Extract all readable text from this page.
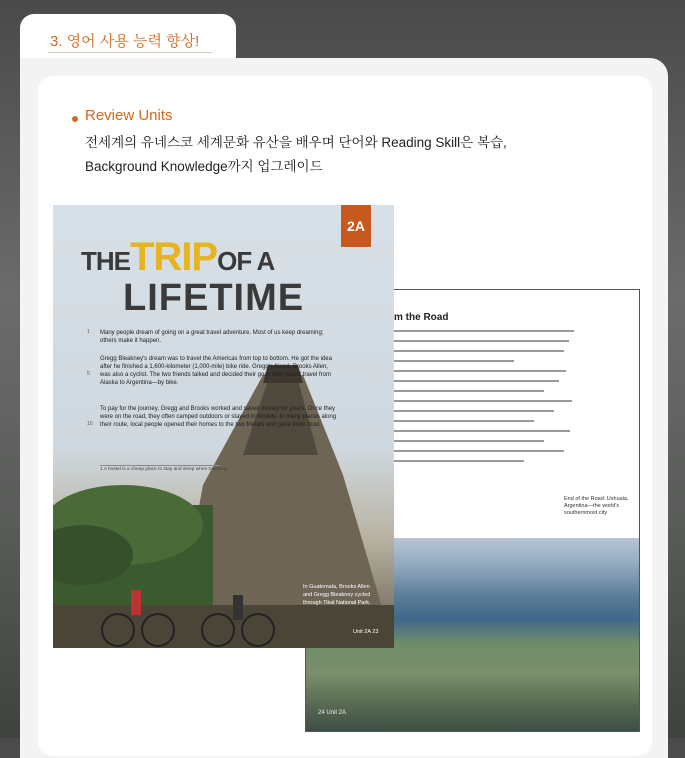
3. 영어 사용 능력 향상!
Review Units
전세계의 유네스코 세계문화 유산을 배우며 단어와 Reading Skill은 복습,
Background Knowledge까지 업그레이드
m the Road
End of the Road: Ushuaia, Argentina—the world's southernmost city
24 Unit 2A
2A
THETRIPOF A
LIFETIME
1
5
10
Many people dream of going on a great travel adventure. Most of us keep dreaming; others make it happen.
Gregg Bleakney's dream was to travel the Americas from top to bottom. He got the idea after he finished a 1,600-kilometer (1,000-mile) bike ride. Gregg's friend, Brooks Allen, was also a cyclist. The two friends talked and decided their goal: they would travel from Alaska to Argentina—by bike.
To pay for the journey, Gregg and Brooks worked and saved money for years. Once they were on the road, they often camped outdoors or stayed in hostels. In many places along their route, local people opened their homes to the two friends and gave them food.
1 A hostel is a cheap place to stay and sleep when traveling.
In Guatemala, Brooks Allen and Gregg Bleakney cycled through Tikal National Park.
Unit 2A 23
